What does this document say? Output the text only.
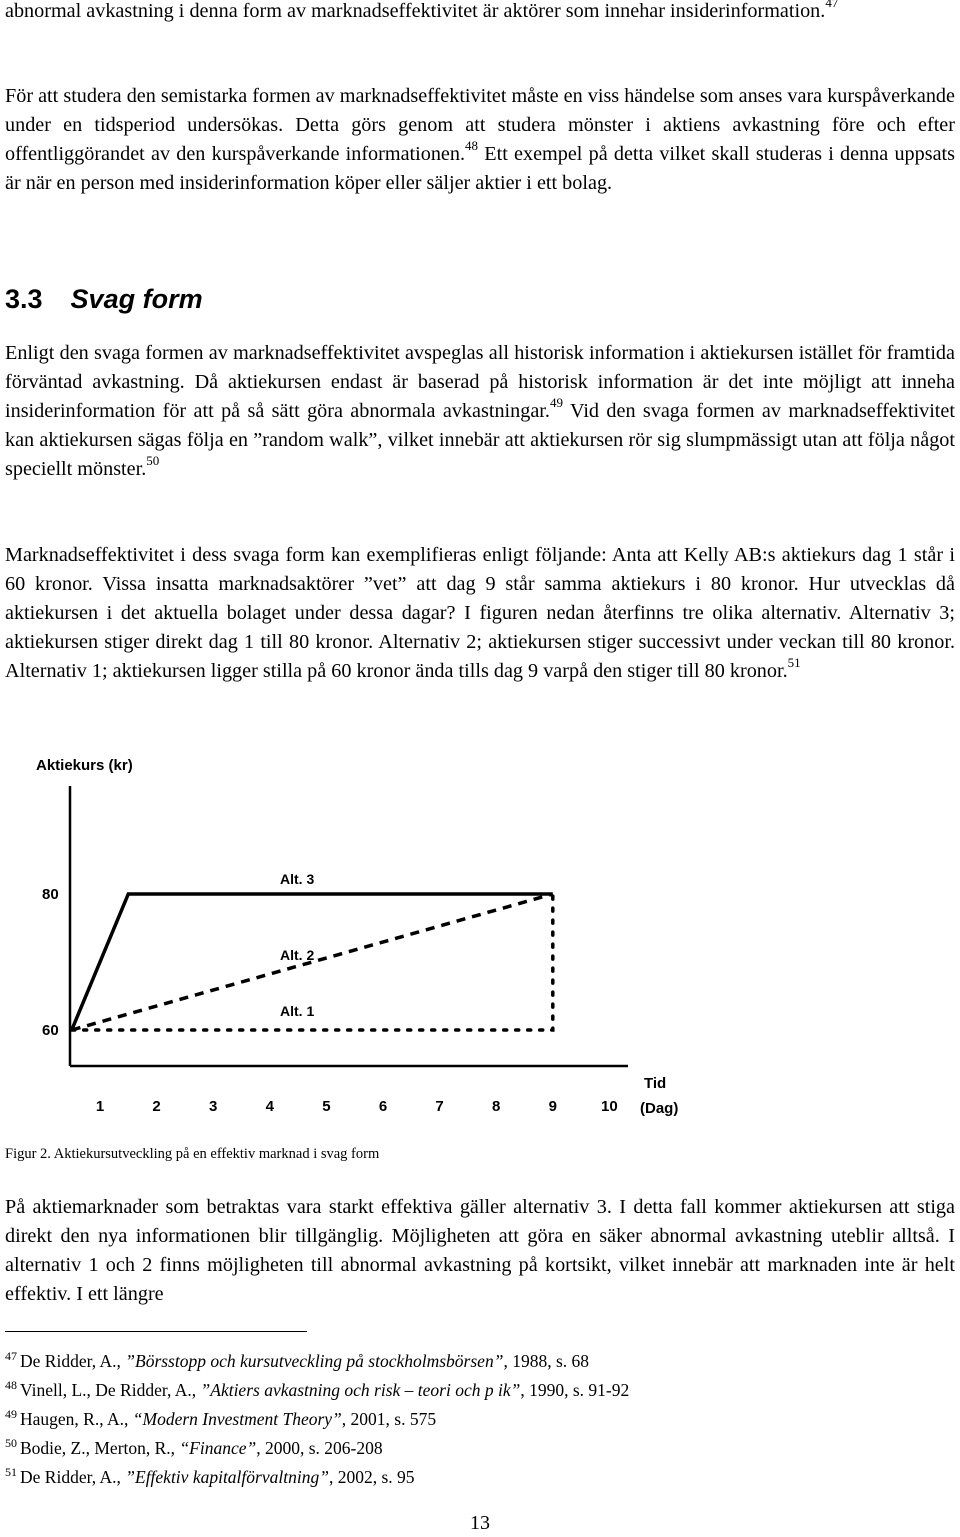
abnormal avkastning i denna form av marknadseffektivitet är aktörer som innehar insiderinformation.$^{47}$

För att studera den semistarka formen av marknadseffektivitet måste en viss händelse som anses vara kurspåverkande under en tidsperiod undersökas. Detta görs genom att studera mönster i aktiens avkastning före och efter offentliggörandet av den kurspåverkande informationen.$^{48}$ Ett exempel på detta vilket skall studeras i denna uppsats är när en person med insiderinformation köper eller säljer aktier i ett bolag.

3.3 Svag form

Enligt den svaga formen av marknadseffektivitet avspeglas all historisk information i aktiekursen istället för framtida förväntad avkastning. Då aktiekursen endast är baserad på historisk information är det inte möjligt att inneha insiderinformation för att på så sätt göra abnormala avkastningar.$^{49}$ Vid den svaga formen av marknadseffektivitet kan aktiekursen sägas följa en ”random walk”, vilket innebär att aktiekursen rör sig slumpmässigt utan att följa något speciellt mönster.$^{50}$

Marknadseffektivitet i dess svaga form kan exemplifieras enligt följande: Anta att Kelly AB:s aktiekurs dag 1 står i 60 kronor. Vissa insatta marknadsaktörer ”vet” att dag 9 står samma aktiekurs i 80 kronor. Hur utvecklas då aktiekursen i det aktuella bolaget under dessa dagar? I figuren nedan återfinns tre olika alternativ. Alternativ 3; aktiekursen stiger direkt dag 1 till 80 kronor. Alternativ 2; aktiekursen stiger successivt under veckan till 80 kronor. Alternativ 1; aktiekursen ligger stilla på 60 kronor ända tills dag 9 varpå den stiger till 80 kronor.$^{51}$

Aktiekurs (kr)
Tid
(Dag)
1	2	3	4	5	6	7	8	9	10
60
80
Alt. 3
Alt. 2
Alt. 1

Figur 2. Aktiekursutveckling på en effektiv marknad i svag form

På aktiemarknader som betraktas vara starkt effektiva gäller alternativ 3. I detta fall kommer aktiekursen att stiga direkt den nya informationen blir tillgänglig. Möjligheten att göra en säker abnormal avkastning uteblir alltså. I alternativ 1 och 2 finns möjligheten till abnormal avkastning på kortsikt, vilket innebär att marknaden inte är helt effektiv. I ett längre

$^{47}$ De Ridder, A., ”Börsstopp och kursutveckling på stockholmsbörsen”, 1988, s. 68
$^{48}$ Vinell, L., De Ridder, A., ”Aktiers avkastning och risk – teori och p ik”, 1990, s. 91-92
$^{49}$ Haugen, R., A., “Modern Investment Theory”, 2001, s. 575
$^{50}$ Bodie, Z., Merton, R., “Finance”, 2000, s. 206-208
$^{51}$ De Ridder, A., ”Effektiv kapitalförvaltning”, 2002, s. 95

13
